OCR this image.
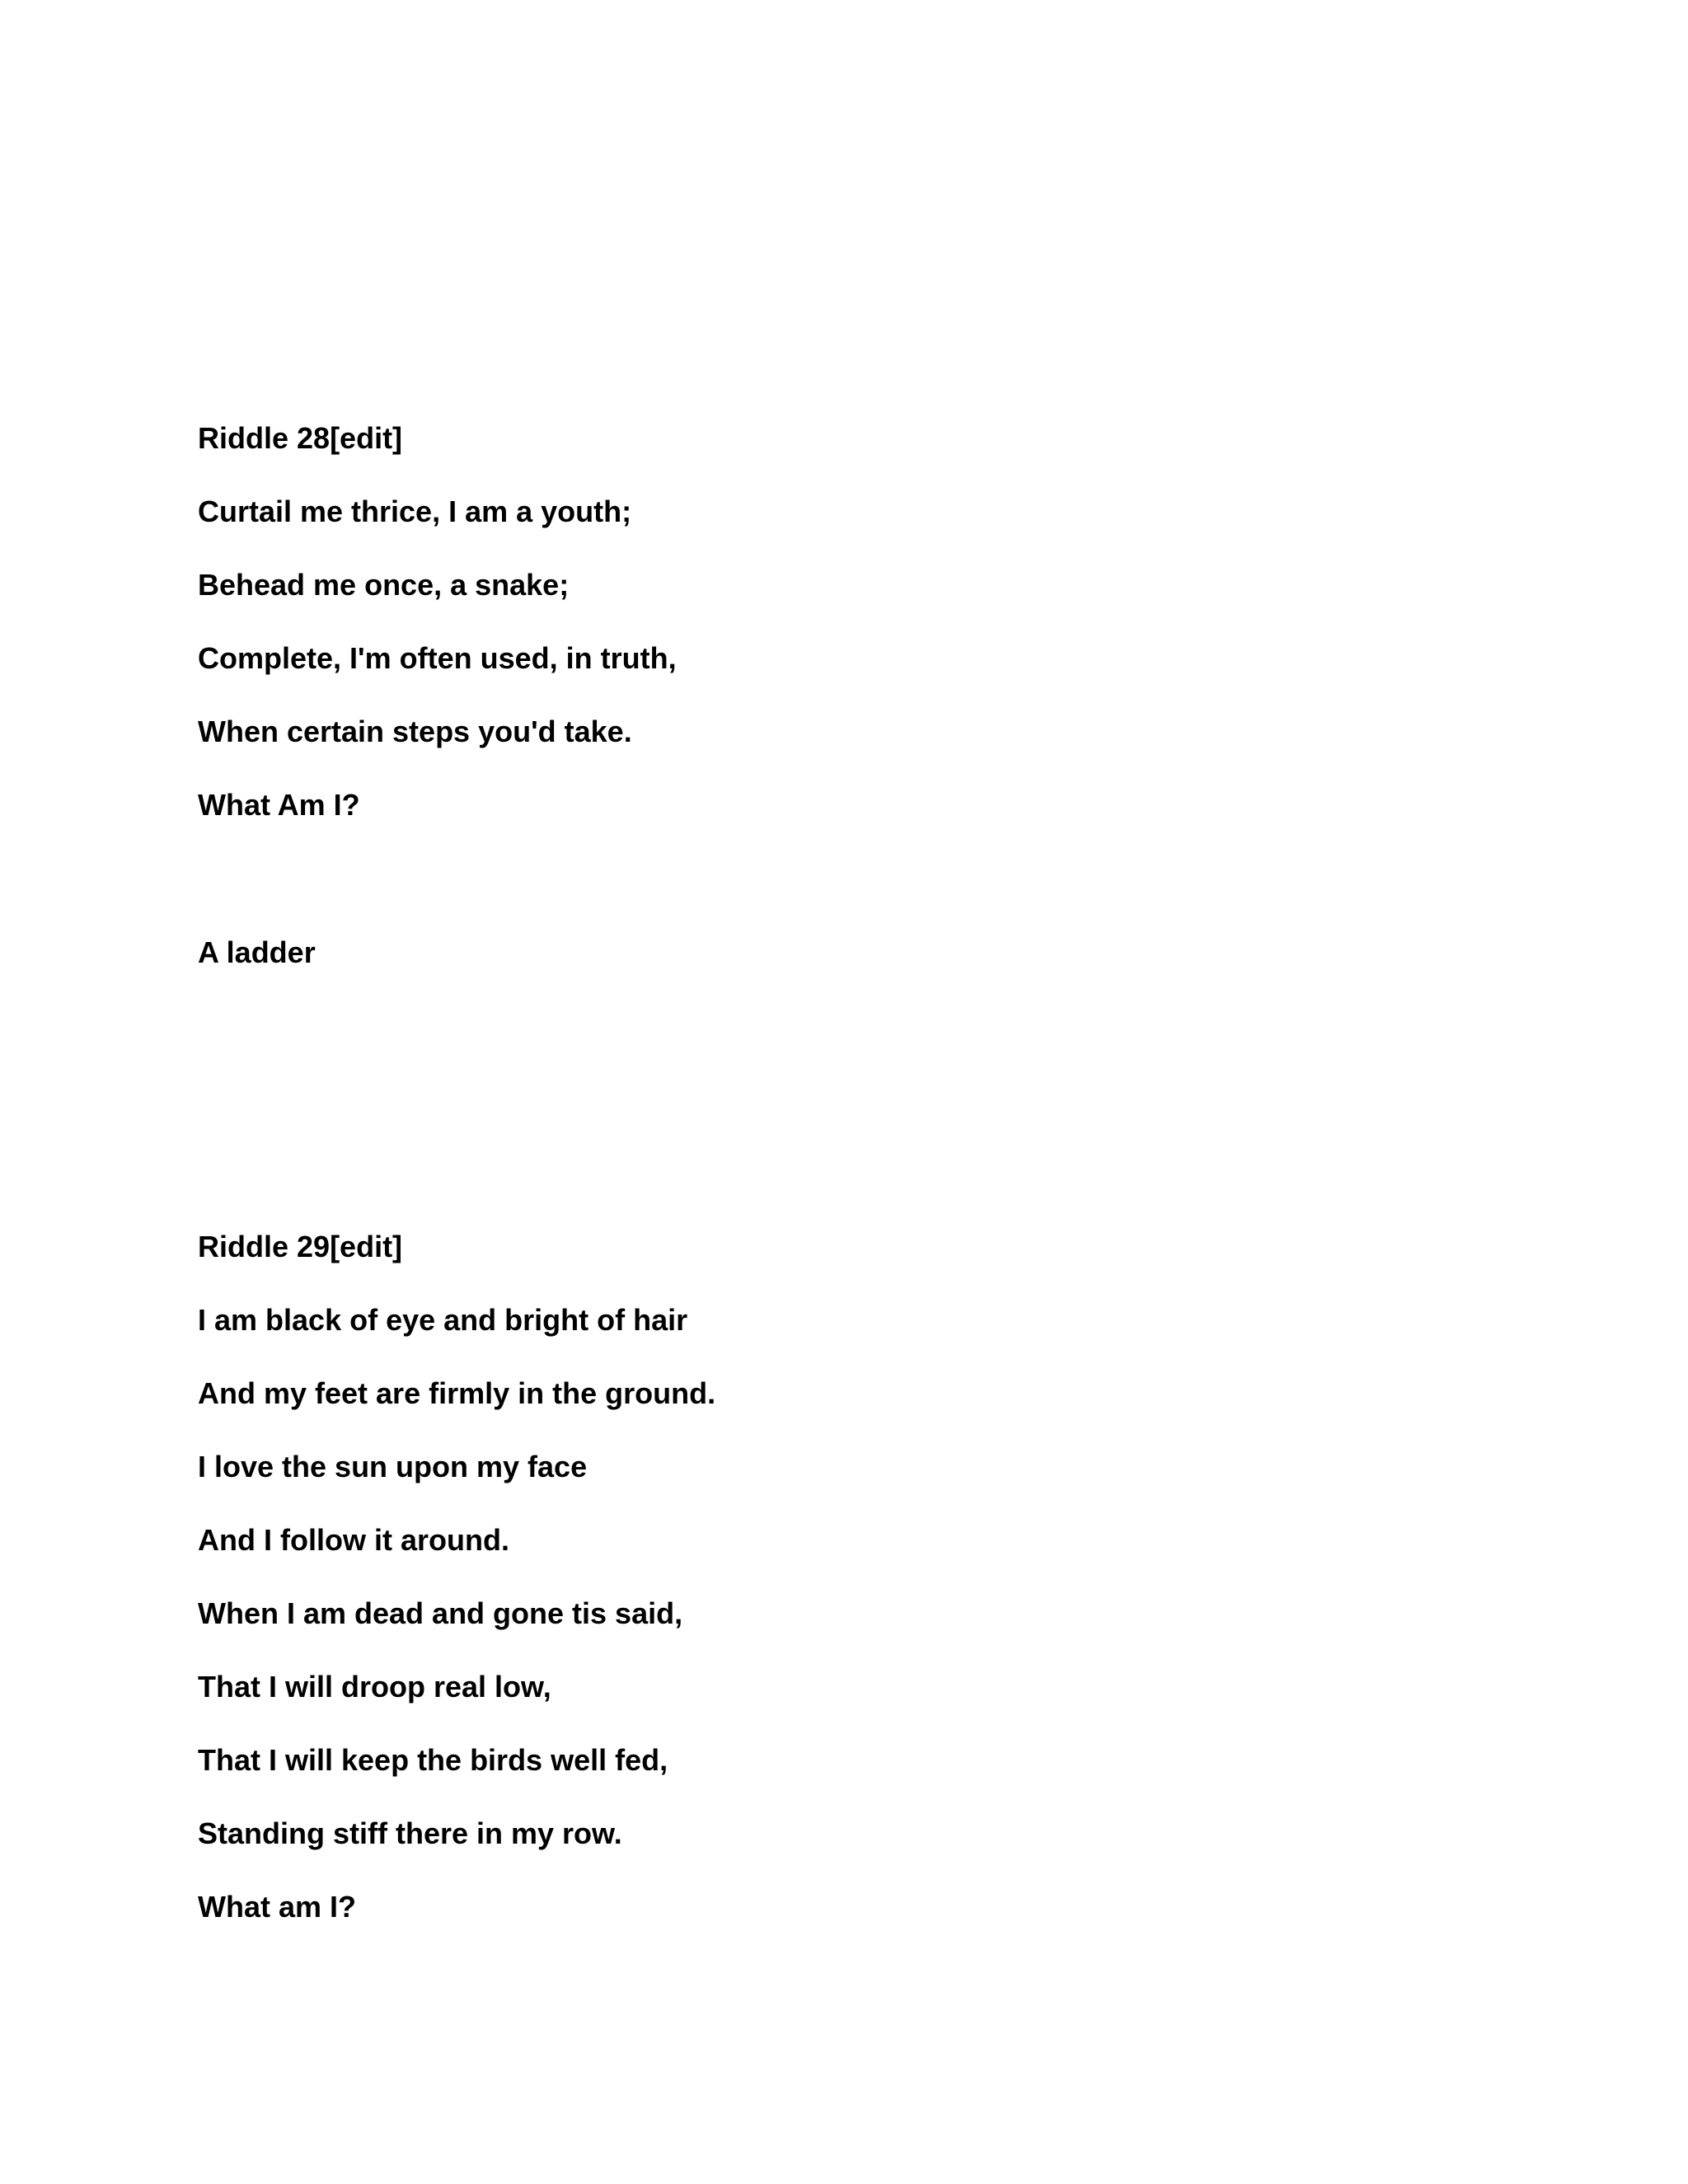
Riddle 28[edit]

Curtail me thrice, I am a youth;

Behead me once, a snake;

Complete, I'm often used, in truth,

When certain steps you'd take.

What Am I?

A ladder

Riddle 29[edit]

I am black of eye and bright of hair

And my feet are firmly in the ground.

I love the sun upon my face

And I follow it around.

When I am dead and gone tis said,

That I will droop real low,

That I will keep the birds well fed,

Standing stiff there in my row.

What am I?
